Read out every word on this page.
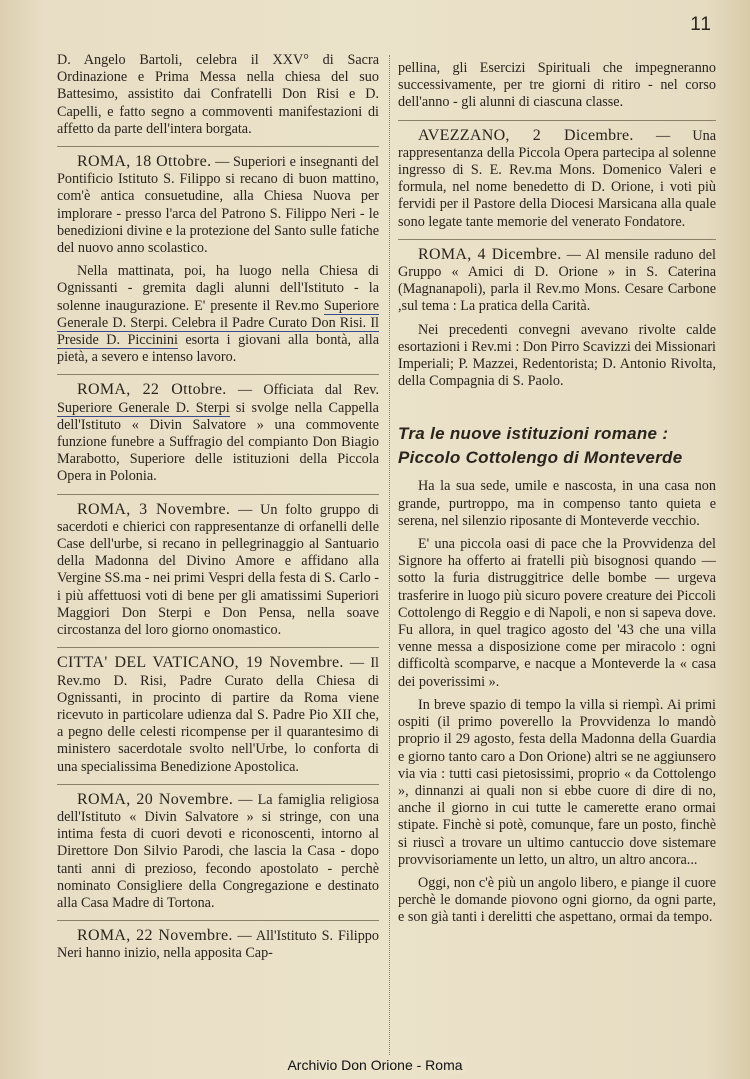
11

D. Angelo Bartoli, celebra il XXV° di Sacra Ordinazione e Prima Messa nella chiesa del suo Battesimo, assistito dai Confratelli Don Risi e D. Capelli, e fatto segno a commoventi manifestazioni di affetto da parte dell'intera borgata.

ROMA, 18 Ottobre. — Superiori e insegnanti del Pontificio Istituto S. Filippo si recano di buon mattino, com'è antica consuetudine, alla Chiesa Nuova per implorare - presso l'arca del Patrono S. Filippo Neri - le benedizioni divine e la protezione del Santo sulle fatiche del nuovo anno scolastico.

Nella mattinata, poi, ha luogo nella Chiesa di Ognissanti - gremita dagli alunni dell'Istituto - la solenne inaugurazione. E' presente il Rev.mo Superiore Generale D. Sterpi. Celebra il Padre Curato Don Risi. Il Preside D. Piccinini esorta i giovani alla bontà, alla pietà, a severo e intenso lavoro.

ROMA, 22 Ottobre. — Officiata dal Rev. Superiore Generale D. Sterpi si svolge nella Cappella dell'Istituto « Divin Salvatore » una commovente funzione funebre a Suffragio del compianto Don Biagio Marabotto, Superiore delle istituzioni della Piccola Opera in Polonia.

ROMA, 3 Novembre. — Un folto gruppo di sacerdoti e chierici con rappresentanze di orfanelli delle Case dell'urbe, si recano in pellegrinaggio al Santuario della Madonna del Divino Amore e affidano alla Vergine SS.ma - nei primi Vespri della festa di S. Carlo - i più affettuosi voti di bene per gli amatissimi Superiori Maggiori Don Sterpi e Don Pensa, nella soave circostanza del loro giorno onomastico.

CITTA' DEL VATICANO, 19 Novembre. — Il Rev.mo D. Risi, Padre Curato della Chiesa di Ognissanti, in procinto di partire da Roma viene ricevuto in particolare udienza dal S. Padre Pio XII che, a pegno delle celesti ricompense per il quarantesimo di ministero sacerdotale svolto nell'Urbe, lo conforta di una specialissima Benedizione Apostolica.

ROMA, 20 Novembre. — La famiglia religiosa dell'Istituto « Divin Salvatore » si stringe, con una intima festa di cuori devoti e riconoscenti, intorno al Direttore Don Silvio Parodi, che lascia la Casa - dopo tanti anni di prezioso, fecondo apostolato - perchè nominato Consigliere della Congregazione e destinato alla Casa Madre di Tortona.

ROMA, 22 Novembre. — All'Istituto S. Filippo Neri hanno inizio, nella apposita Cap-

pellina, gli Esercizi Spirituali che impegneranno successivamente, per tre giorni di ritiro - nel corso dell'anno - gli alunni di ciascuna classe.

AVEZZANO, 2 Dicembre. — Una rappresentanza della Piccola Opera partecipa al solenne ingresso di S. E. Rev.ma Mons. Domenico Valeri e formula, nel nome benedetto di D. Orione, i voti più fervidi per il Pastore della Diocesi Marsicana alla quale sono legate tante memorie del venerato Fondatore.

ROMA, 4 Dicembre. — Al mensile raduno del Gruppo « Amici di D. Orione » in S. Caterina (Magnanapoli), parla il Rev.mo Mons. Cesare Carbone ,sul tema : La pratica della Carità.

Nei precedenti convegni avevano rivolte calde esortazioni i Rev.mi : Don Pirro Scavizzi dei Missionari Imperiali; P. Mazzei, Redentorista; D. Antonio Rivolta, della Compagnia di S. Paolo.

Tra le nuove istituzioni romane :
Piccolo Cottolengo di Monteverde

Ha la sua sede, umile e nascosta, in una casa non grande, purtroppo, ma in compenso tanto quieta e serena, nel silenzio riposante di Monteverde vecchio.

E' una piccola oasi di pace che la Provvidenza del Signore ha offerto ai fratelli più bisognosi quando — sotto la furia distruggitrice delle bombe — urgeva trasferire in luogo più sicuro povere creature dei Piccoli Cottolengo di Reggio e di Napoli, e non si sapeva dove. Fu allora, in quel tragico agosto del '43 che una villa venne messa a disposizione come per miracolo : ogni difficoltà scomparve, e nacque a Monteverde la « casa dei poverissimi ».

In breve spazio di tempo la villa si riempì. Ai primi ospiti (il primo poverello la Provvidenza lo mandò proprio il 29 agosto, festa della Madonna della Guardia e giorno tanto caro a Don Orione) altri se ne aggiunsero via via : tutti casi pietosissimi, proprio « da Cottolengo », dinnanzi ai quali non si ebbe cuore di dire di no, anche il giorno in cui tutte le camerette erano ormai stipate. Finchè si potè, comunque, fare un posto, finchè si riuscì a trovare un ultimo cantuccio dove sistemare provvisoriamente un letto, un altro, un altro ancora...

Oggi, non c'è più un angolo libero, e piange il cuore perchè le domande piovono ogni giorno, da ogni parte, e son già tanti i derelitti che aspettano, ormai da tempo.

Archivio Don Orione - Roma
